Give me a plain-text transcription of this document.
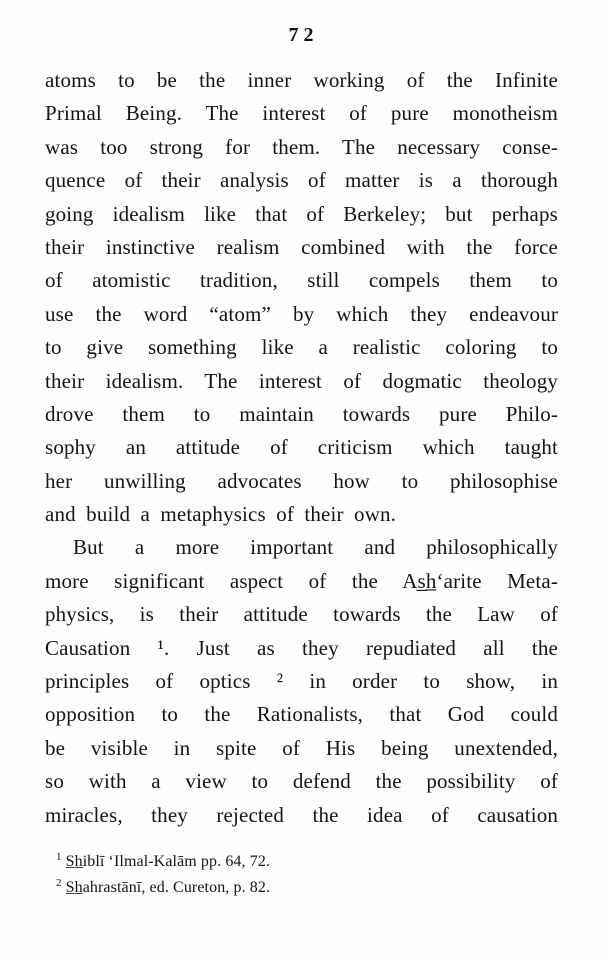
72
atoms to be the inner working of the Infinite
Primal Being. The interest of pure monotheism
was too strong for them. The necessary conse-
quence of their analysis of matter is a thorough
going idealism like that of Berkeley; but perhaps
their instinctive realism combined with the force
of atomistic tradition, still compels them to
use the word “atom” by which they endeavour
to give something like a realistic coloring to
their idealism. The interest of dogmatic theology
drove them to maintain towards pure Philo-
sophy an attitude of criticism which taught
her unwilling advocates how to philosophise
and build a metaphysics of their own.
But a more important and philosophically
more significant aspect of the As̲h̲‘arite Meta-
physics, is their attitude towards the Law of
Causation ¹. Just as they repudiated all the
principles of optics ² in order to show, in
opposition to the Rationalists, that God could
be visible in spite of His being unextended,
so with a view to defend the possibility of
miracles, they rejected the idea of causation
$^1$ S̲h̲iblī ‘Ilmal-Kalām pp. 64, 72.
$^2$ S̲h̲ahrastānī, ed. Cureton, p. 82.
